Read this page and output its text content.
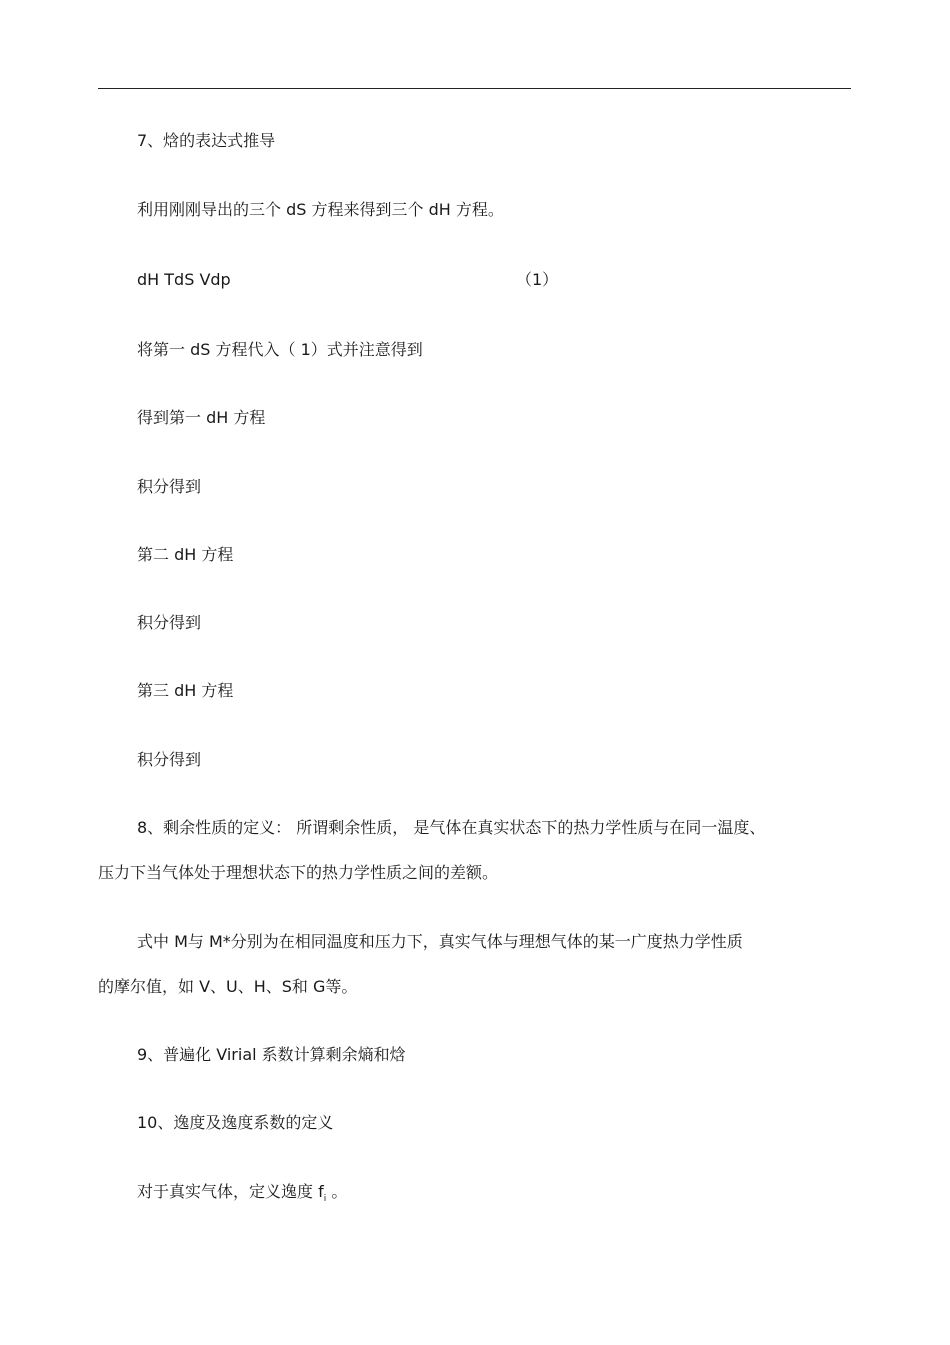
7、焓的表达式推导
利用刚刚导出的三个 dS 方程来得到三个 dH 方程。
dH TdS Vdp	（1）
将第一 dS 方程代入（ 1）式并注意得到
得到第一 dH 方程
积分得到
第二 dH 方程
积分得到
第三 dH 方程
积分得到
8、剩余性质的定义： 所谓剩余性质， 是气体在真实状态下的热力学性质与在同一温度、
压力下当气体处于理想状态下的热力学性质之间的差额。
式中 M与 M*分别为在相同温度和压力下，真实气体与理想气体的某一广度热力学性质
的摩尔值，如 V、U、H、S和 G等。
9、普遍化 Virial 系数计算剩余熵和焓
10、逸度及逸度系数的定义
对于真实气体，定义逸度 $f_i$ 。
